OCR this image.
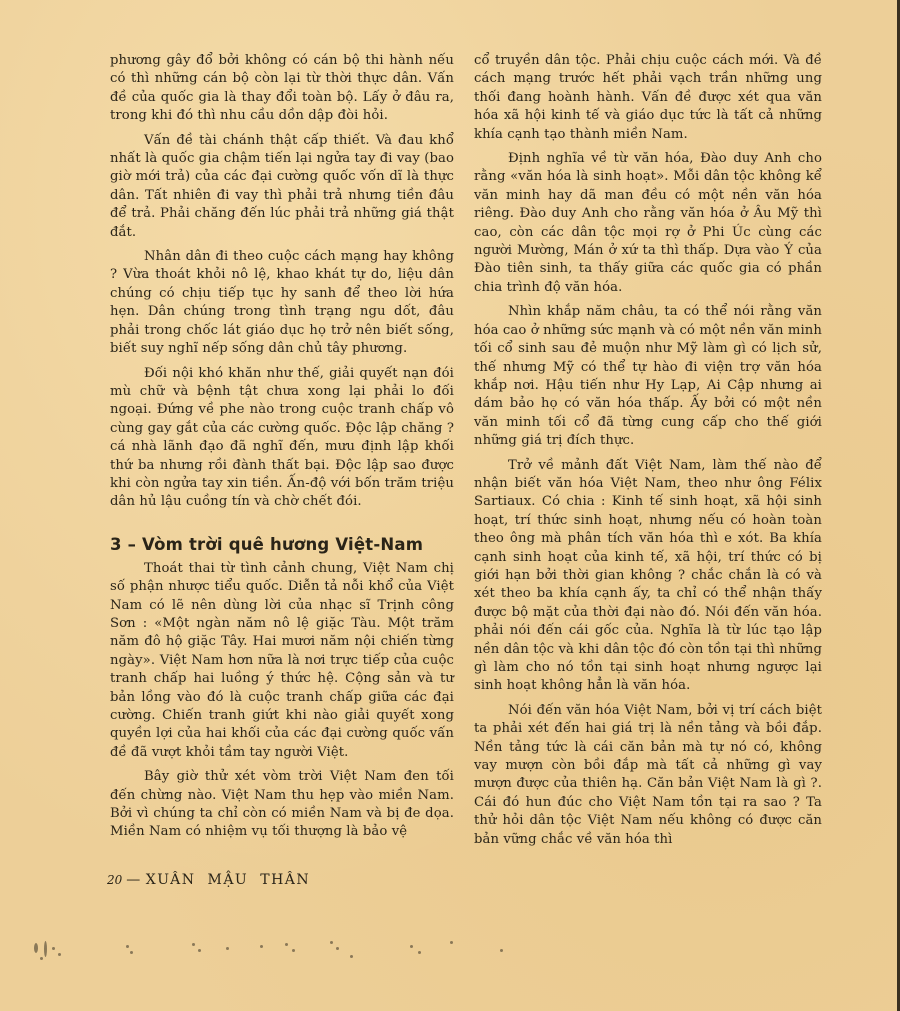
phương gây đổ bởi không có cán bộ thi hành nếu có thì những cán bộ còn lại từ thời thực dân. Vấn đề của quốc gia là thay đổi toàn bộ. Lấy ở đâu ra, trong khi đó thì nhu cầu dồn dập đòi hỏi.

Vấn đề tài chánh thật cấp thiết. Và đau khổ nhất là quốc gia chậm tiến lại ngửa tay đi vay (bao giờ mới trả) của các đại cường quốc vốn dĩ là thực dân. Tất nhiên đi vay thì phải trả nhưng tiền đâu để trả. Phải chăng đến lúc phải trả những giá thật đắt.

Nhân dân đi theo cuộc cách mạng hay không ? Vừa thoát khỏi nô lệ, khao khát tự do, liệu dân chúng có chịu tiếp tục hy sanh để theo lời hứa hẹn. Dân chúng trong tình trạng ngu dốt, đâu phải trong chốc lát giáo dục họ trở nên biết sống, biết suy nghĩ nếp sống dân chủ tây phương.

Đối nội khó khăn như thế, giải quyết nạn đói mù chữ và bệnh tật chưa xong lại phải lo đối ngoại. Đứng về phe nào trong cuộc tranh chấp vô cùng gay gắt của các cường quốc. Độc lập chăng ? cá nhà lãnh đạo đã nghĩ đến, mưu định lập khối thứ ba nhưng rồi đành thất bại. Độc lập sao được khi còn ngửa tay xin tiền. Ấn-độ với bốn trăm triệu dân hủ lậu cuồng tín và chờ chết đói.

3 – Vòm trời quê hương Việt-Nam

Thoát thai từ tình cảnh chung, Việt Nam chị số phận nhược tiểu quốc. Diễn tả nỗi khổ của Việt Nam có lẽ nên dùng lời của nhạc sĩ Trịnh công Sơn : «Một ngàn năm nô lệ giặc Tàu. Một trăm năm đô hộ giặc Tây. Hai mươi năm nội chiến từng ngày». Việt Nam hơn nữa là nơi trực tiếp của cuộc tranh chấp hai luồng ý thức hệ. Cộng sản và tư bản lồng vào đó là cuộc tranh chấp giữa các đại cường. Chiến tranh giứt khi nào giải quyết xong quyền lợi của hai khối của các đại cường quốc vấn đề đã vượt khỏi tầm tay người Việt.

Bây giờ thử xét vòm trời Việt Nam đen tối đến chừng nào. Việt Nam thu hẹp vào miền Nam. Bởi vì chúng ta chỉ còn có miền Nam và bị đe dọa. Miền Nam có nhiệm vụ tối thượng là bảo vệ

cổ truyền dân tộc. Phải chịu cuộc cách mới. Và đề cách mạng trước hết phải vạch trần những ung thối đang hoành hành. Vấn đề được xét qua văn hóa xã hội kinh tế và giáo dục tức là tất cả những khía cạnh tạo thành miền Nam.

Định nghĩa về từ văn hóa, Đào duy Anh cho rằng «văn hóa là sinh hoạt». Mỗi dân tộc không kể văn minh hay dã man đều có một nền văn hóa riêng. Đào duy Anh cho rằng văn hóa ở Âu Mỹ thì cao, còn các dân tộc mọi rợ ở Phi Úc cùng các người Mường, Mán ở xứ ta thì thấp. Dựa vào Ý của Đào tiên sinh, ta thấy giữa các quốc gia có phần chia trình độ văn hóa.

Nhìn khắp năm châu, ta có thể nói rằng văn hóa cao ở những sức mạnh và có một nền văn minh tối cổ sinh sau đẻ muộn như Mỹ làm gì có lịch sử, thế nhưng Mỹ có thể tự hào đi viện trợ văn hóa khắp nơi. Hậu tiến như Hy Lạp, Ai Cập nhưng ai dám bảo họ có văn hóa thấp. Ấy bởi có một nền văn minh tối cổ đã từng cung cấp cho thế giới những giá trị đích thực.

Trở về mảnh đất Việt Nam, làm thế nào để nhận biết văn hóa Việt Nam, theo như ông Félix Sartiaux. Có chia : Kinh tế sinh hoạt, xã hội sinh hoạt, trí thức sinh hoạt, nhưng nếu có hoàn toàn theo ông mà phân tích văn hóa thì e xót. Ba khía cạnh sinh hoạt của kinh tế, xã hội, trí thức có bị giới hạn bởi thời gian không ? chắc chắn là có và xét theo ba khía cạnh ấy, ta chỉ có thể nhận thấy được bộ mặt của thời đại nào đó. Nói đến văn hóa. phải nói đến cái gốc của. Nghĩa là từ lúc tạo lập nền dân tộc và khi dân tộc đó còn tồn tại thì những gì làm cho nó tồn tại sinh hoạt nhưng ngược lại sinh hoạt không hẳn là văn hóa.

Nói đến văn hóa Việt Nam, bởi vị trí cách biệt ta phải xét đến hai giá trị là nền tảng và bồi đắp. Nền tảng tức là cái căn bản mà tự nó có, không vay mượn còn bồi đắp mà tất cả những gì vay mượn được của thiên hạ. Căn bản Việt Nam là gì ?. Cái đó hun đúc cho Việt Nam tồn tại ra sao ? Ta thử hỏi dân tộc Việt Nam nếu không có được căn bản vững chắc về văn hóa thì

20 — XUÂN MẬU THÂN
